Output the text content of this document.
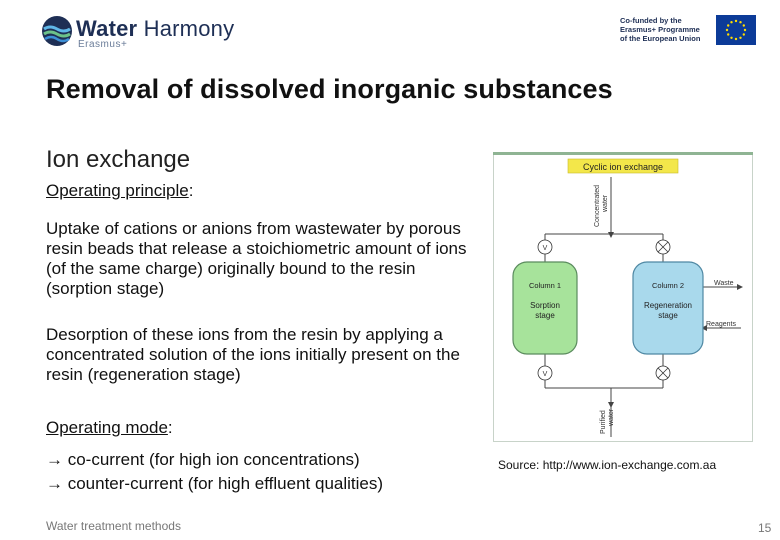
Water Harmony
Erasmus+
Co-funded by the
Erasmus+ Programme
of the European Union
Removal of dissolved inorganic substances
Ion exchange
Operating principle:
Uptake of cations or anions from wastewater by porous resin beads that release a stoichiometric amount of ions (of the same charge) originally bound to the resin (sorption stage)
Desorption of these ions from the resin by applying a concentrated solution of the ions initially present on the resin (regeneration stage)
Operating mode:
→ co-current (for high ion concentrations)
→ counter-current (for high effluent qualities)
Cyclic ion exchange
Concentrated water
V
V
Column 1
Sorption
stage
Column 2
Regeneration
stage
Waste
Reagents
Purified water
Source: http://www.ion-exchange.com.aa
Water treatment methods	15
